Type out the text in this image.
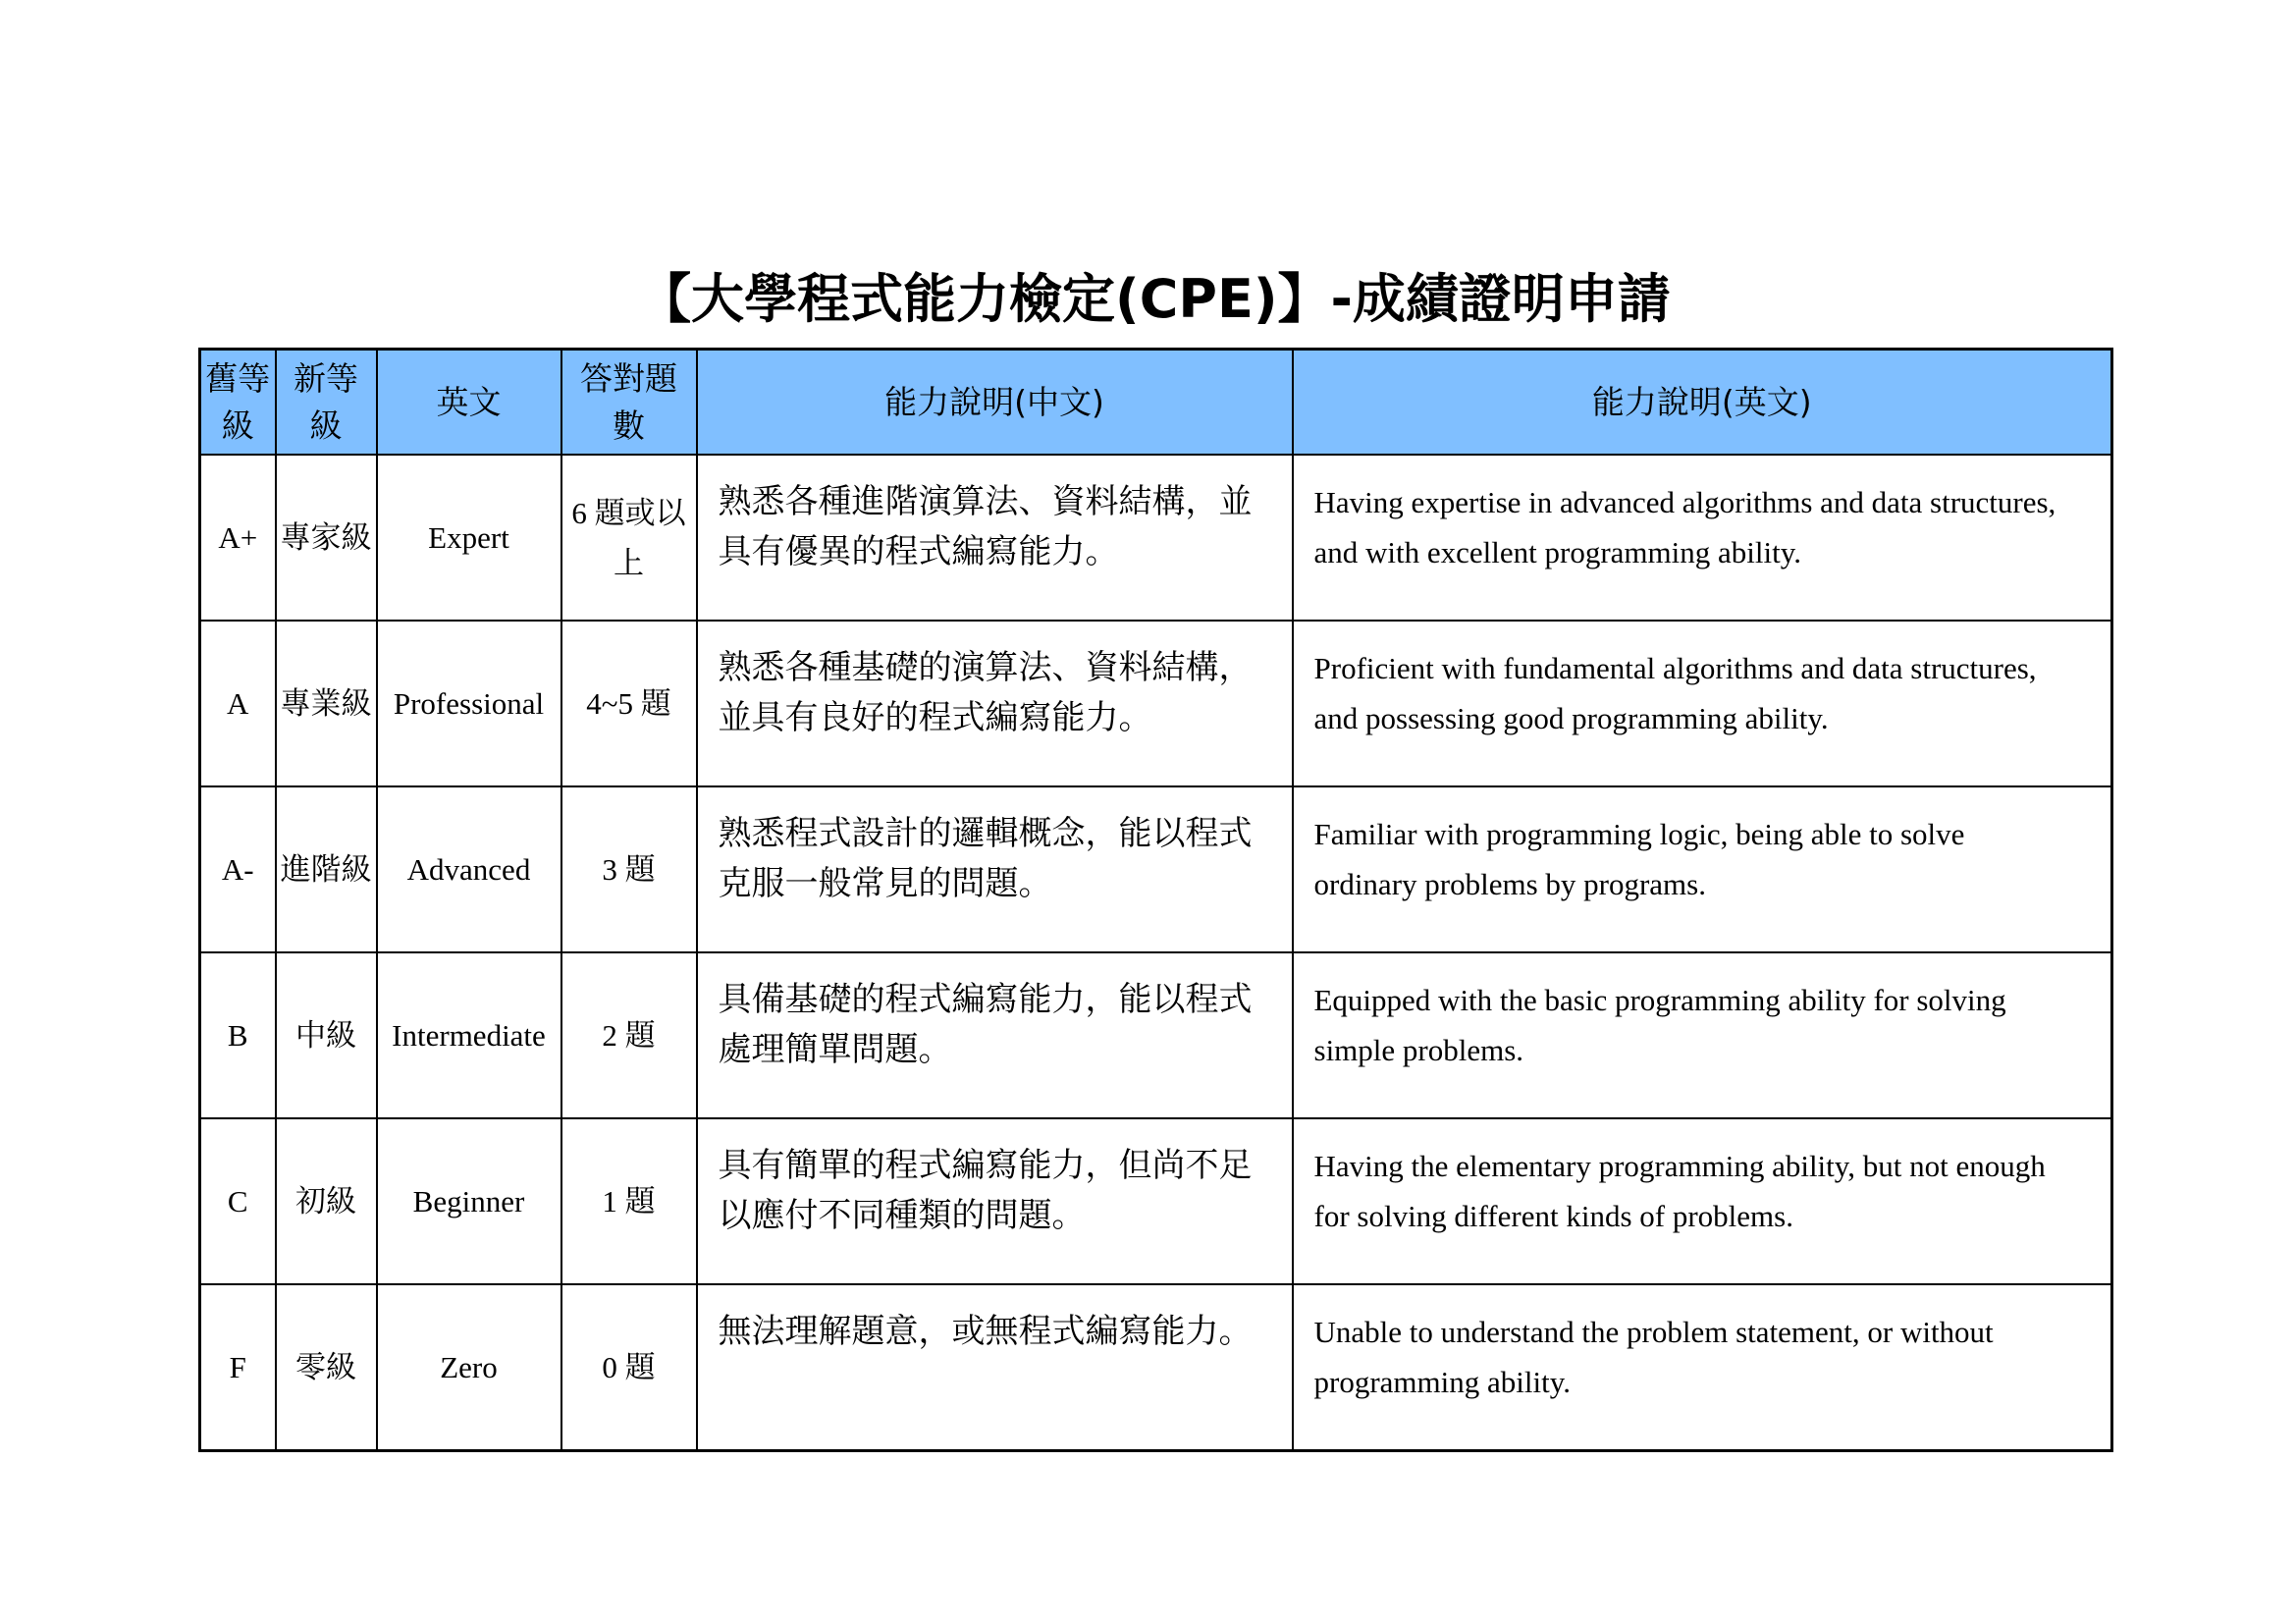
【大學程式能力檢定(CPE)】-成績證明申請
舊等級	新等級	英文	答對題數	能力說明(中文)	能力說明(英文)
A+	專家級	Expert	6 題或以上	熟悉各種進階演算法、資料結構，並具有優異的程式編寫能力。	Having expertise in advanced algorithms and data structures, and with excellent programming ability.
A	專業級	Professional	4~5 題	熟悉各種基礎的演算法、資料結構，並具有良好的程式編寫能力。	Proficient with fundamental algorithms and data structures, and possessing good programming ability.
A-	進階級	Advanced	3 題	熟悉程式設計的邏輯概念，能以程式克服一般常見的問題。	Familiar with programming logic, being able to solve ordinary problems by programs.
B	中級	Intermediate	2 題	具備基礎的程式編寫能力，能以程式處理簡單問題。	Equipped with the basic programming ability for solving simple problems.
C	初級	Beginner	1 題	具有簡單的程式編寫能力，但尚不足以應付不同種類的問題。	Having the elementary programming ability, but not enough for solving different kinds of problems.
F	零級	Zero	0 題	無法理解題意，或無程式編寫能力。	Unable to understand the problem statement, or without programming ability.
